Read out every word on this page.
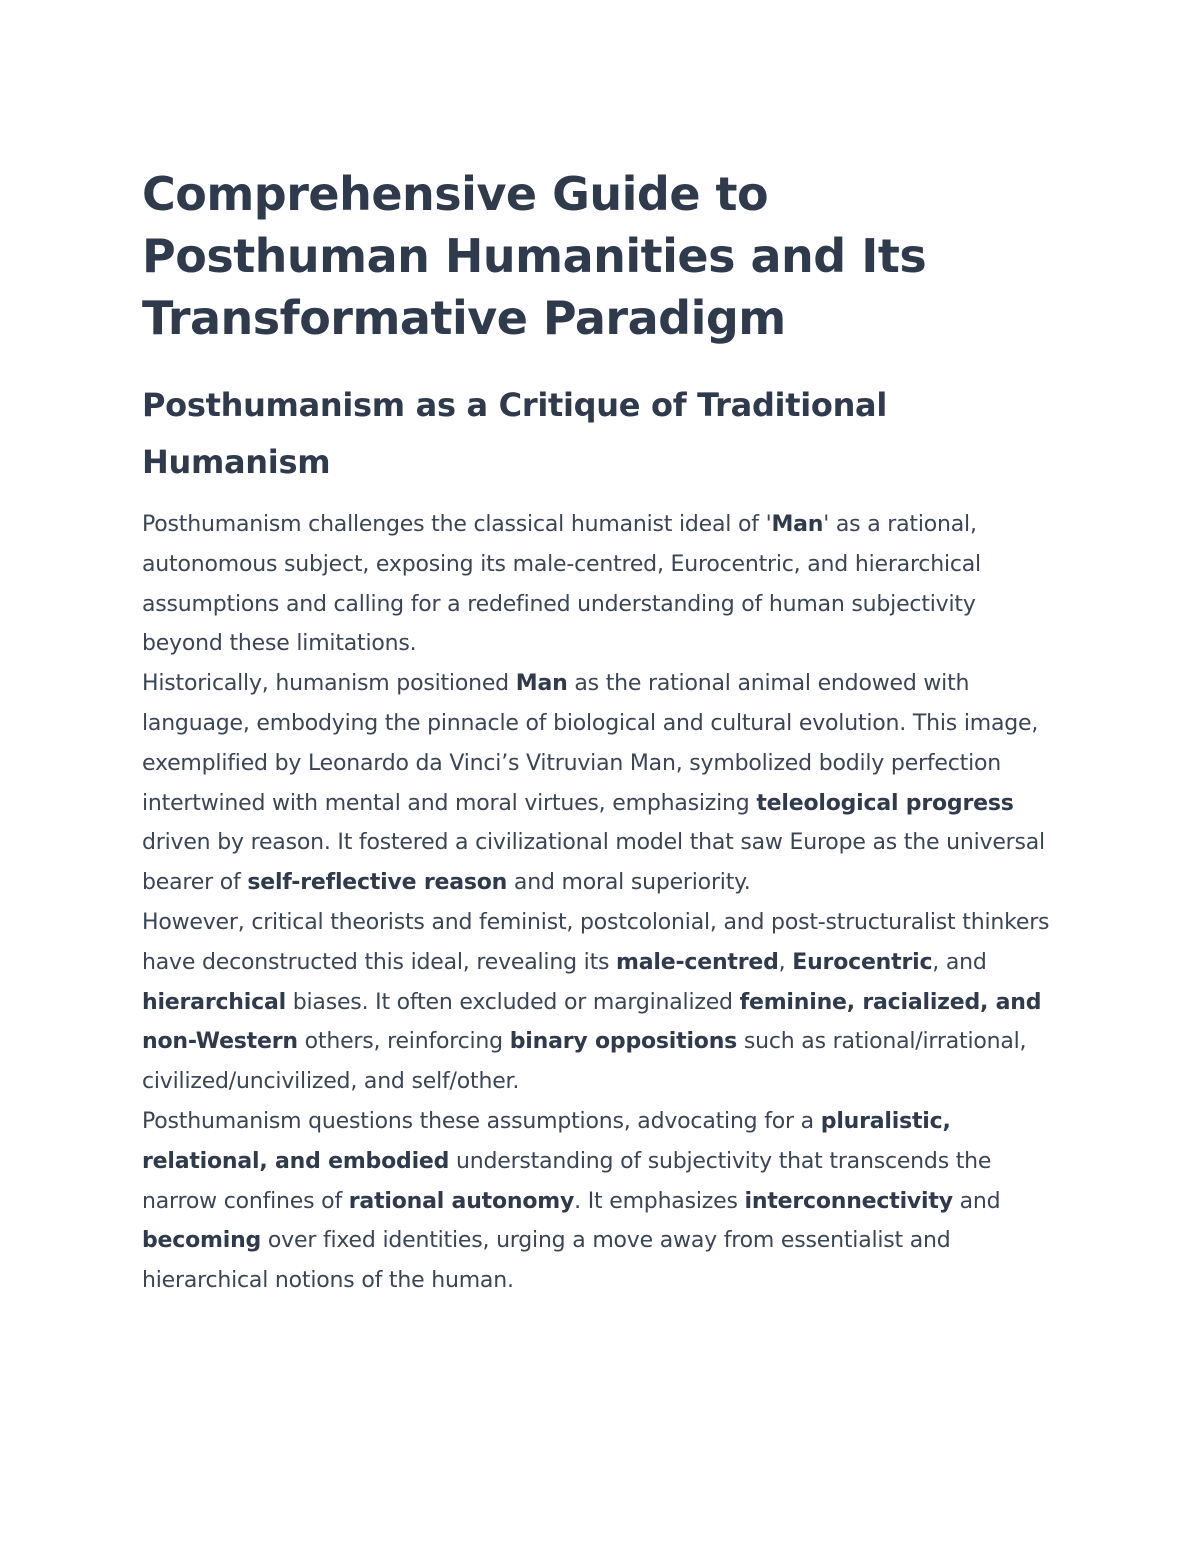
Comprehensive Guide to Posthuman Humanities and Its Transformative Paradigm
Posthumanism as a Critique of Traditional Humanism

Posthumanism challenges the classical humanist ideal of 'Man' as a rational, autonomous subject, exposing its male-centred, Eurocentric, and hierarchical assumptions and calling for a redefined understanding of human subjectivity beyond these limitations.

Historically, humanism positioned Man as the rational animal endowed with language, embodying the pinnacle of biological and cultural evolution. This image, exemplified by Leonardo da Vinci’s Vitruvian Man, symbolized bodily perfection intertwined with mental and moral virtues, emphasizing teleological progress driven by reason. It fostered a civilizational model that saw Europe as the universal bearer of self-reflective reason and moral superiority.

However, critical theorists and feminist, postcolonial, and post-structuralist thinkers have deconstructed this ideal, revealing its male-centred, Eurocentric, and hierarchical biases. It often excluded or marginalized feminine, racialized, and non-Western others, reinforcing binary oppositions such as rational/irrational, civilized/uncivilized, and self/other.

Posthumanism questions these assumptions, advocating for a pluralistic, relational, and embodied understanding of subjectivity that transcends the narrow confines of rational autonomy. It emphasizes interconnectivity and becoming over fixed identities, urging a move away from essentialist and hierarchical notions of the human.
